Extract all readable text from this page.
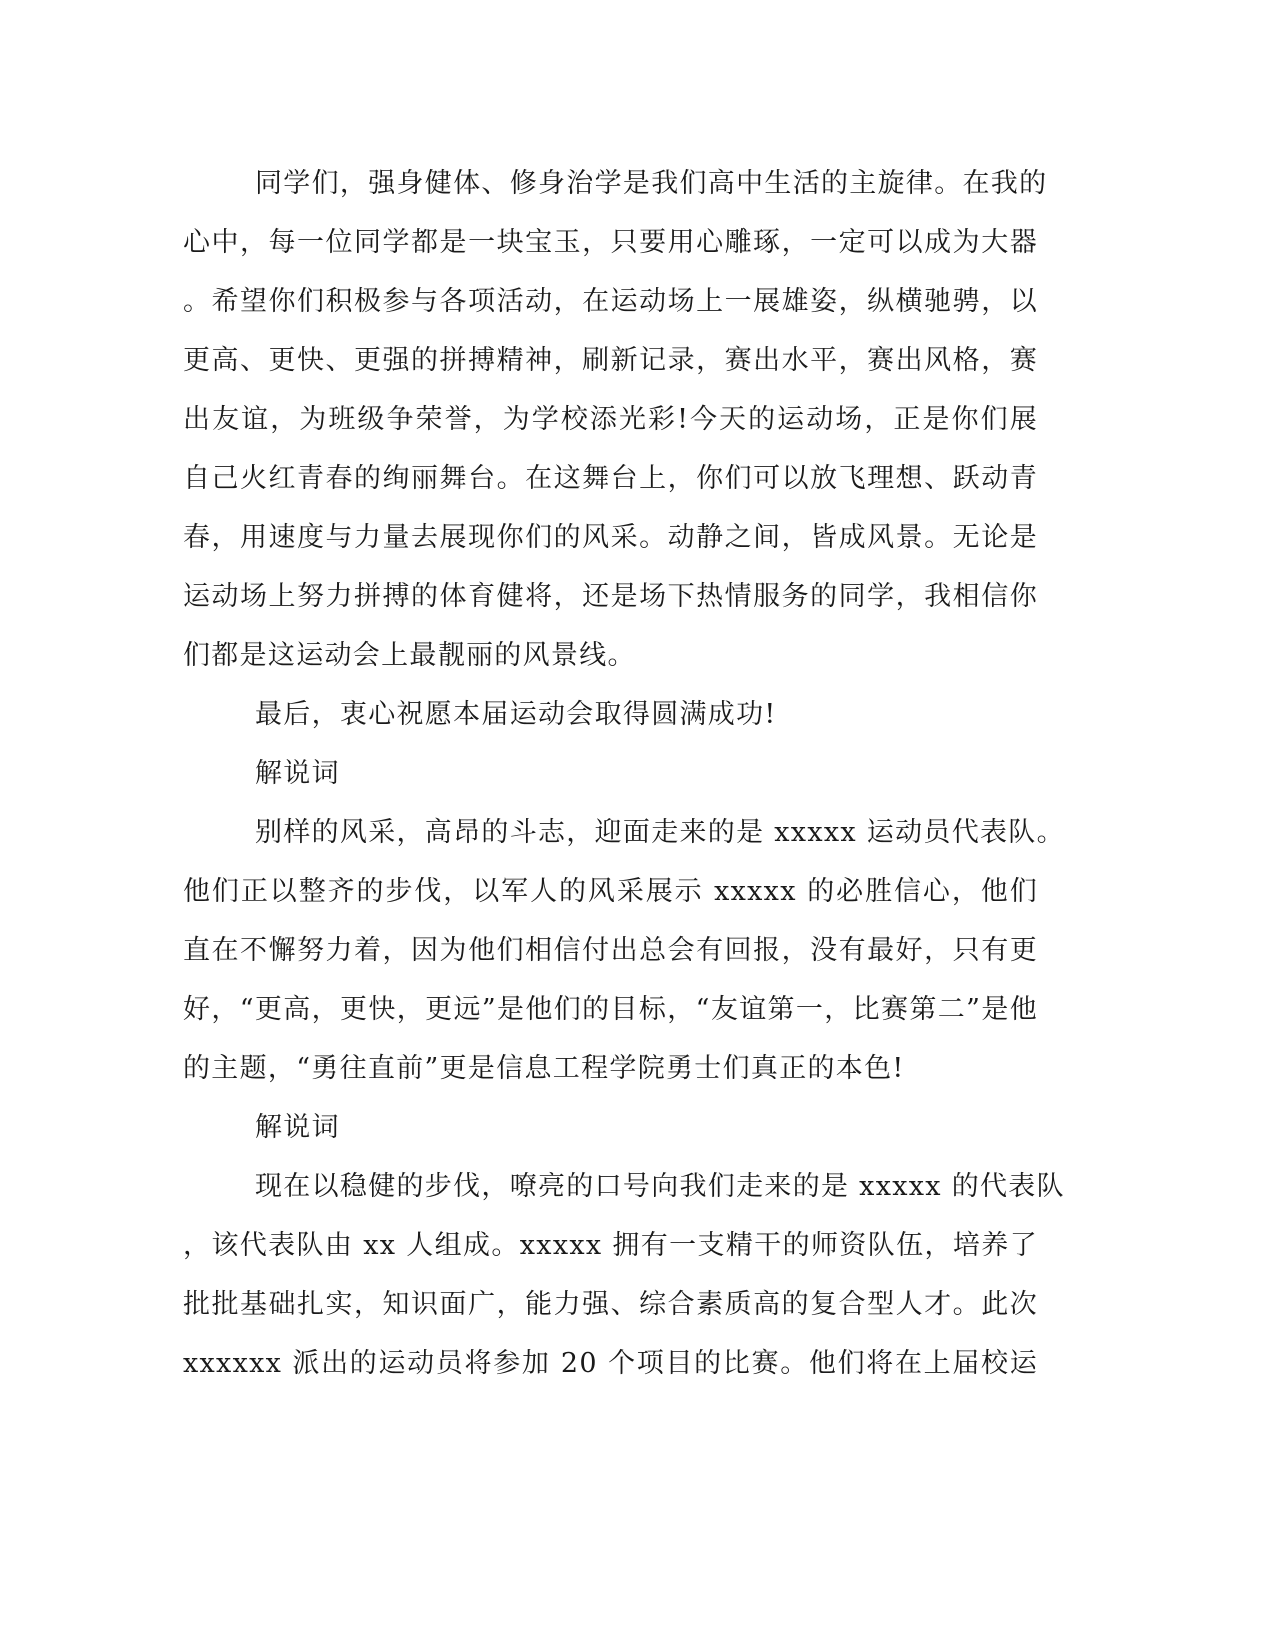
同学们，强身健体、修身治学是我们高中生活的主旋律。在我的
心中，每一位同学都是一块宝玉，只要用心雕琢，一定可以成为大器
。希望你们积极参与各项活动，在运动场上一展雄姿，纵横驰骋，以
更高、更快、更强的拼搏精神，刷新记录，赛出水平，赛出风格，赛
出友谊，为班级争荣誉，为学校添光彩!今天的运动场，正是你们展
自己火红青春的绚丽舞台。在这舞台上，你们可以放飞理想、跃动青
春，用速度与力量去展现你们的风采。动静之间，皆成风景。无论是
运动场上努力拼搏的体育健将，还是场下热情服务的同学，我相信你
们都是这运动会上最靓丽的风景线。
最后，衷心祝愿本届运动会取得圆满成功!
解说词
别样的风采，高昂的斗志，迎面走来的是 xxxxx 运动员代表队。
他们正以整齐的步伐，以军人的风采展示 xxxxx 的必胜信心，他们
直在不懈努力着，因为他们相信付出总会有回报，没有最好，只有更
好，“更高，更快，更远”是他们的目标，“友谊第一，比赛第二”是他
的主题，“勇往直前”更是信息工程学院勇士们真正的本色!
解说词
现在以稳健的步伐，嘹亮的口号向我们走来的是 xxxxx 的代表队
，该代表队由 xx 人组成。xxxxx 拥有一支精干的师资队伍，培养了
批批基础扎实，知识面广，能力强、综合素质高的复合型人才。此次
xxxxxx 派出的运动员将参加 20 个项目的比赛。他们将在上届校运
